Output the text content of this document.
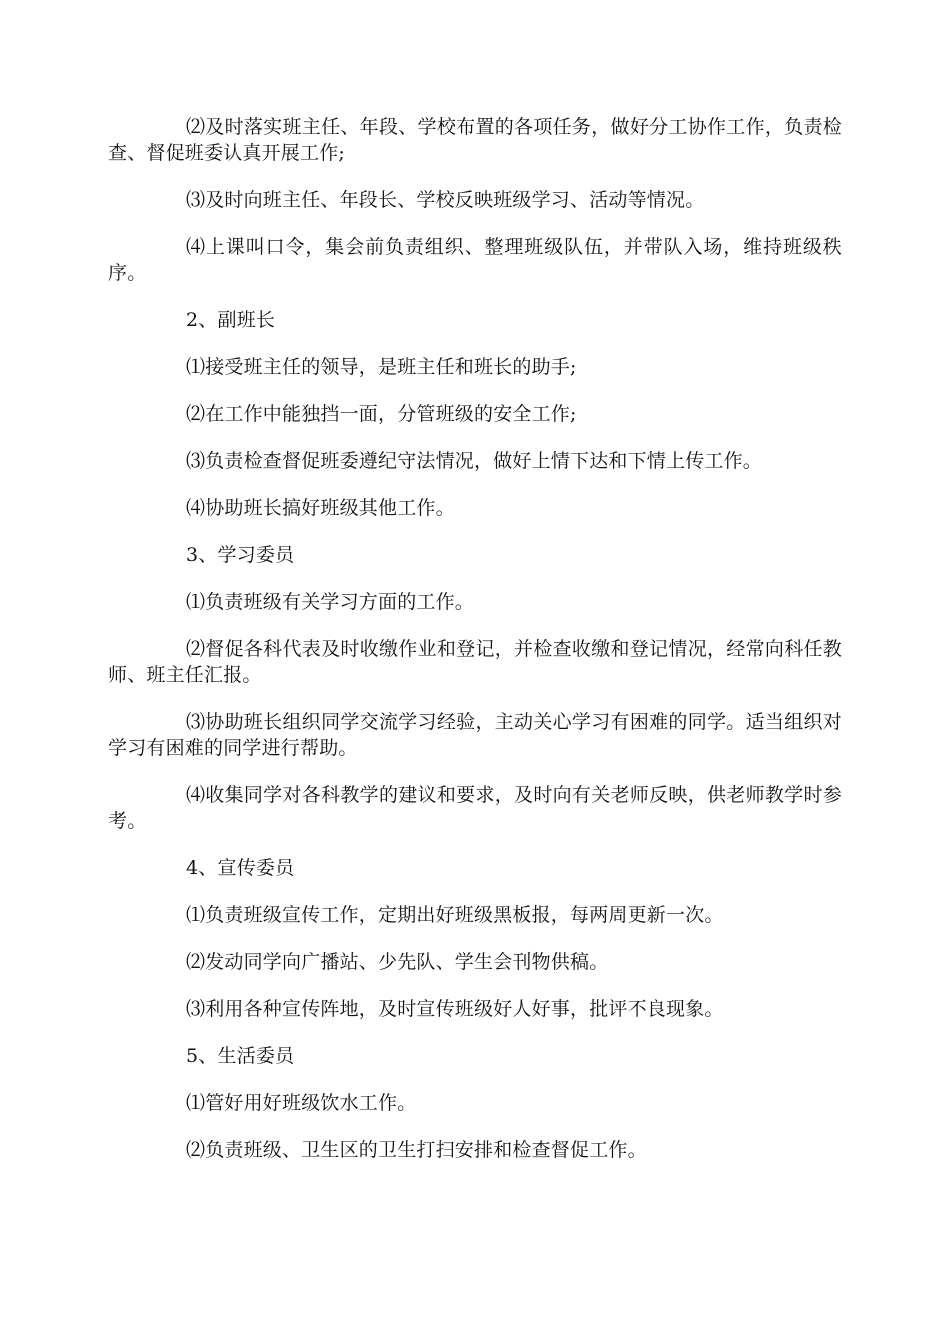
⑵及时落实班主任、年段、学校布置的各项任务，做好分工协作工作，负责检查、督促班委认真开展工作;

⑶及时向班主任、年段长、学校反映班级学习、活动等情况。

⑷上课叫口令，集会前负责组织、整理班级队伍，并带队入场，维持班级秩序。

2、副班长

⑴接受班主任的领导，是班主任和班长的助手;

⑵在工作中能独挡一面，分管班级的安全工作;

⑶负责检查督促班委遵纪守法情况，做好上情下达和下情上传工作。

⑷协助班长搞好班级其他工作。

3、学习委员

⑴负责班级有关学习方面的工作。

⑵督促各科代表及时收缴作业和登记，并检查收缴和登记情况，经常向科任教师、班主任汇报。

⑶协助班长组织同学交流学习经验，主动关心学习有困难的同学。适当组织对学习有困难的同学进行帮助。

⑷收集同学对各科教学的建议和要求，及时向有关老师反映，供老师教学时参考。

4、宣传委员

⑴负责班级宣传工作，定期出好班级黑板报，每两周更新一次。

⑵发动同学向广播站、少先队、学生会刊物供稿。

⑶利用各种宣传阵地，及时宣传班级好人好事，批评不良现象。

5、生活委员

⑴管好用好班级饮水工作。

⑵负责班级、卫生区的卫生打扫安排和检查督促工作。
